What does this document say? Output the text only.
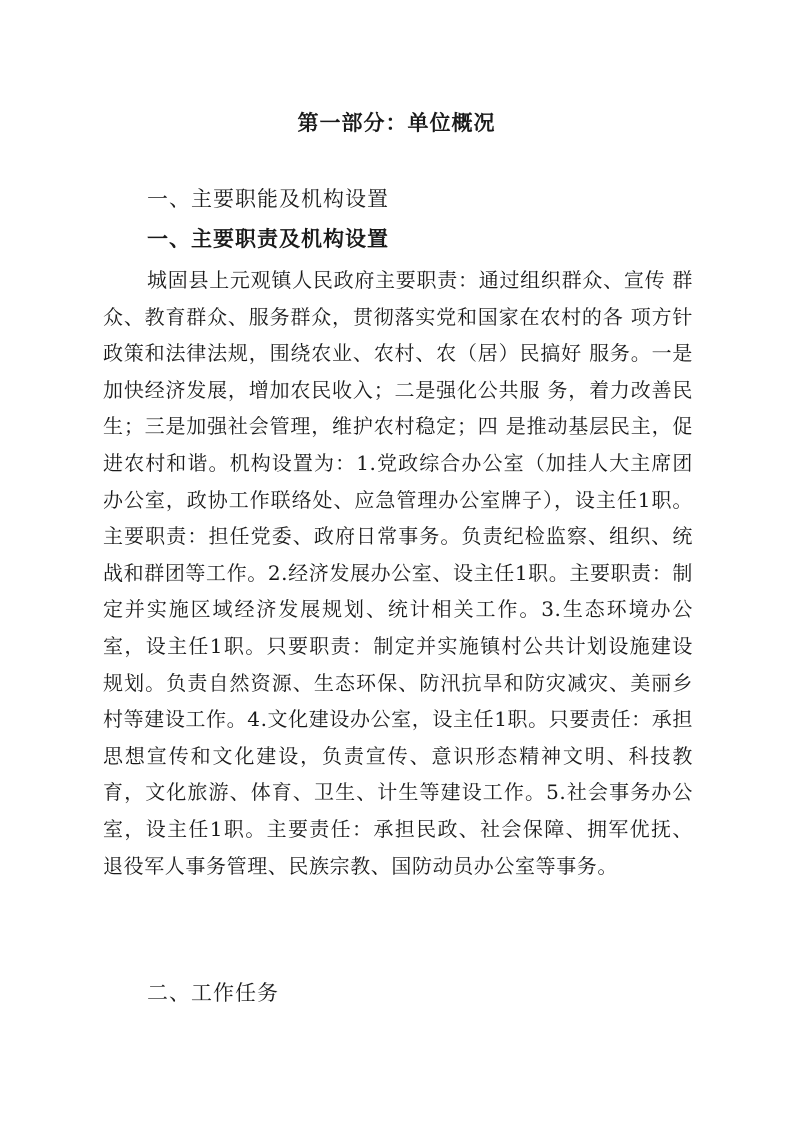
第一部分：单位概况
一、主要职能及机构设置
一、主要职责及机构设置

城固县上元观镇人民政府主要职责：通过组织群众、宣传 群众、教育群众、服务群众，贯彻落实党和国家在农村的各 项方针政策和法律法规，围绕农业、农村、农（居）民搞好 服务。一是加快经济发展，增加农民收入；二是强化公共服 务，着力改善民生；三是加强社会管理，维护农村稳定；四 是推动基层民主，促进农村和谐。机构设置为：1.党政综合办公室（加挂人大主席团办公室，政协工作联络处、应急管理办公室牌子），设主任1职。主要职责：担任党委、政府日常事务。负责纪检监察、组织、统战和群团等工作。2.经济发展办公室、设主任1职。主要职责：制定并实施区域经济发展规划、统计相关工作。3.生态环境办公室，设主任1职。只要职责：制定并实施镇村公共计划设施建设规划。负责自然资源、生态环保、防汛抗旱和防灾减灾、美丽乡村等建设工作。4.文化建设办公室，设主任1职。只要责任：承担思想宣传和文化建设，负责宣传、意识形态精神文明、科技教育，文化旅游、体育、卫生、计生等建设工作。5.社会事务办公室，设主任1职。主要责任：承担民政、社会保障、拥军优抚、退役军人事务管理、民族宗教、国防动员办公室等事务。

二、工作任务
